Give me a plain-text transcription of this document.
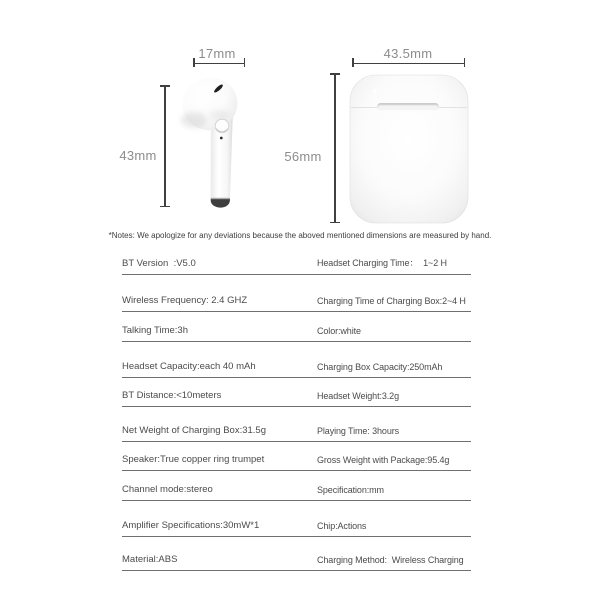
17mm
43mm
43.5mm
56mm
*Notes: We apologize for any deviations because the aboved mentioned dimensions are measured by hand.
BT Version  :V5.0	Headset Charging Time：  1~2 H
Wireless Frequency: 2.4 GHZ	Charging Time of Charging Box:2~4 H
Talking Time:3h	Color:white
Headset Capacity:each 40 mAh	Charging Box Capacity:250mAh
BT Distance:<10meters	Headset Weight:3.2g
Net Weight of Charging Box:31.5g	Playing Time: 3hours
Speaker:True copper ring trumpet	Gross Weight with Package:95.4g
Channel mode:stereo	Specification:mm
Amplifier Specifications:30mW*1	Chip:Actions
Material:ABS	Charging Method:  Wireless Charging
